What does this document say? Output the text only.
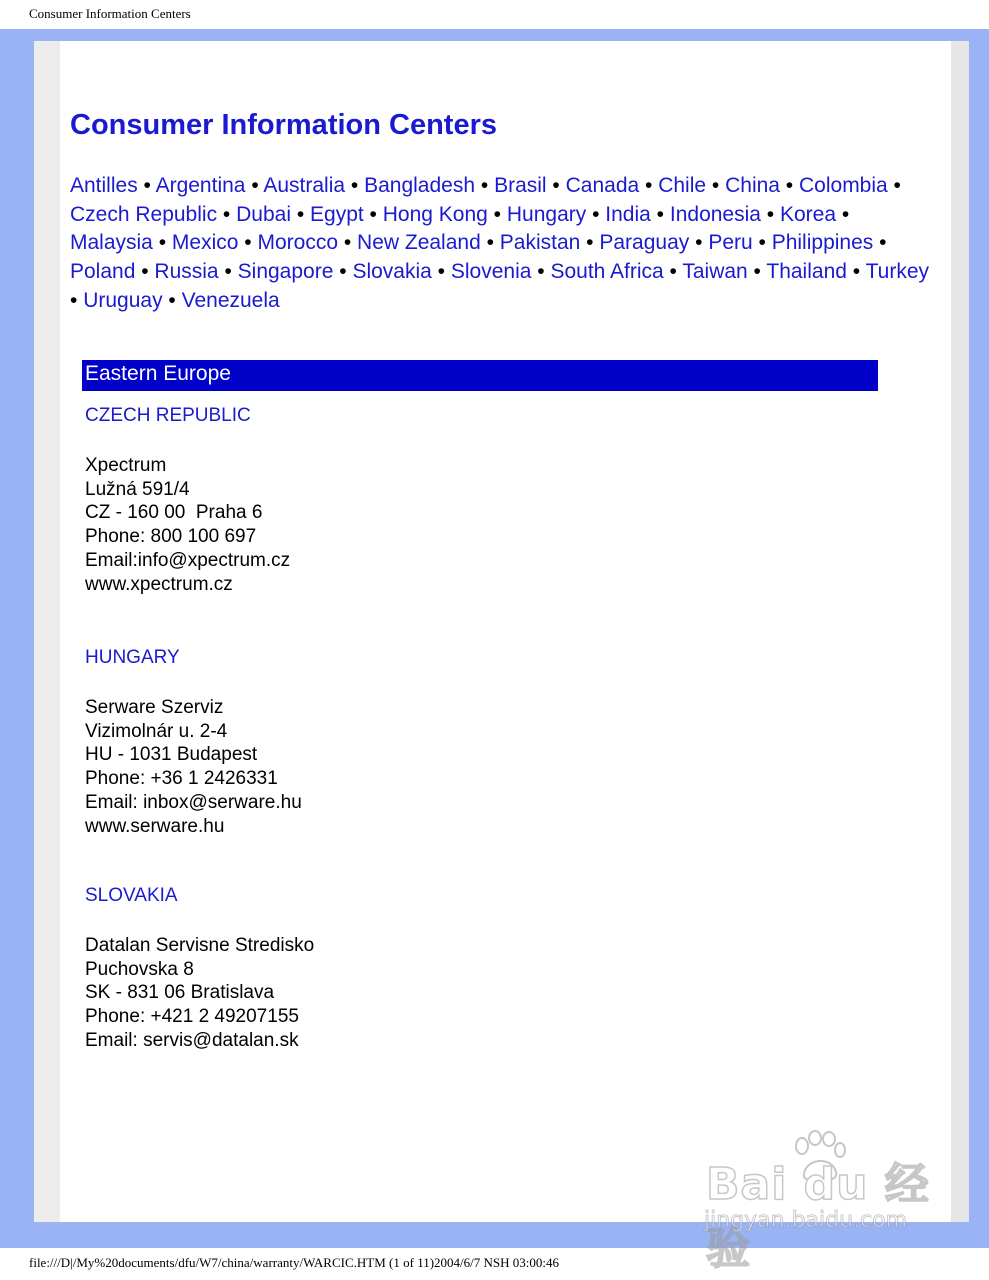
Consumer Information Centers
Consumer Information Centers
Antilles • Argentina • Australia • Bangladesh • Brasil • Canada • Chile • China • Colombia • Czech Republic • Dubai • Egypt • Hong Kong • Hungary • India • Indonesia • Korea • Malaysia • Mexico • Morocco • New Zealand • Pakistan • Paraguay • Peru • Philippines • Poland • Russia • Singapore • Slovakia • Slovenia • South Africa • Taiwan • Thailand • Turkey • Uruguay • Venezuela
Eastern Europe
CZECH REPUBLIC
Xpectrum
Lužná 591/4
CZ - 160 00  Praha 6
Phone: 800 100 697
Email:info@xpectrum.cz
www.xpectrum.cz
HUNGARY
Serware Szerviz
Vizimolnár u. 2-4
HU - 1031 Budapest
Phone: +36 1 2426331
Email: inbox@serware.hu
www.serware.hu
SLOVAKIA
Datalan Servisne Stredisko
Puchovska 8
SK - 831 06 Bratislava
Phone: +421 2 49207155
Email: servis@datalan.sk
Bai du 经验
jingyan.baidu.com
file:///D|/My%20documents/dfu/W7/china/warranty/WARCIC.HTM (1 of 11)2004/6/7 NSH 03:00:46
